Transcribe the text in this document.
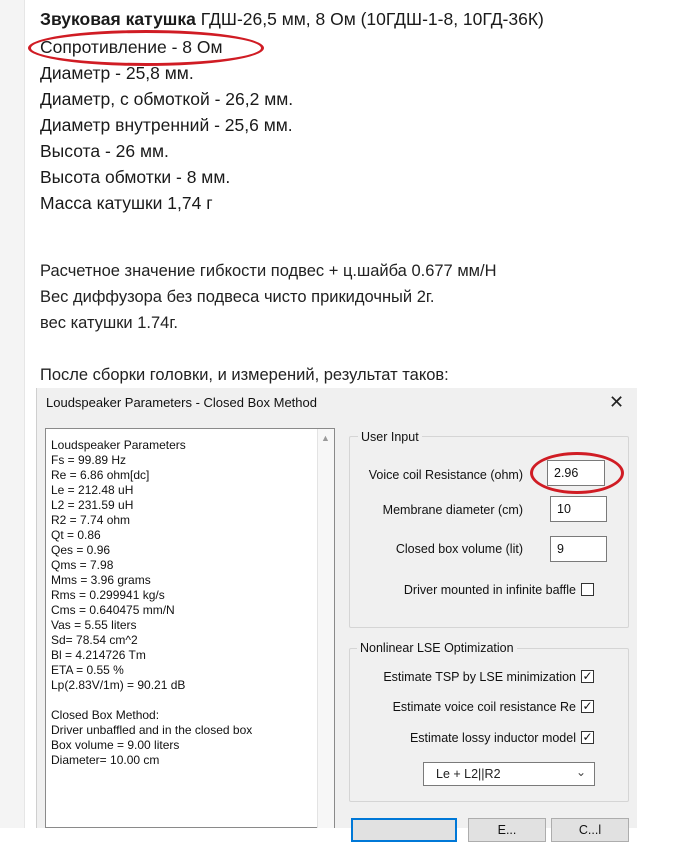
Звуковая катушка ГДШ-26,5 мм, 8 Ом (10ГДШ-1-8, 10ГД-36К)
Сопротивление - 8 Ом
Диаметр - 25,8 мм.
Диаметр, с обмоткой - 26,2 мм.
Диаметр внутренний - 25,6 мм.
Высота - 26 мм.
Высота обмотки - 8 мм.
Масса катушки 1,74 г
Расчетное значение гибкости подвес + ц.шайба 0.677 мм/Н
Вес диффузора без подвеса чисто прикидочный 2г.
вес катушки 1.74г.
После сборки головки, и измерений, результат таков:
Loudspeaker Parameters - Closed Box Method	✕
Loudspeaker Parameters
Fs = 99.89 Hz
Re = 6.86 ohm[dc]
Le = 212.48 uH
L2 = 231.59 uH
R2 = 7.74 ohm
Qt = 0.86
Qes = 0.96
Qms = 7.98
Mms = 3.96 grams
Rms = 0.299941 kg/s
Cms = 0.640475 mm/N
Vas = 5.55 liters
Sd= 78.54 cm^2
Bl = 4.214726 Tm
ETA = 0.55 %
Lp(2.83V/1m) = 90.21 dB
Closed Box Method:
Driver unbaffled and in the closed box
Box volume = 9.00 liters
Diameter= 10.00 cm
▲ User Input
Voice coil Resistance (ohm)
2.96
Membrane diameter (cm)
10
Closed box volume (lit)
9
Driver mounted in infinite baffle
Nonlinear LSE Optimization
Estimate TSP by LSE minimization ✓
Estimate voice coil resistance Re ✓
Estimate lossy inductor model ✓
Le + L2||R2	⌄
E...	C...l
